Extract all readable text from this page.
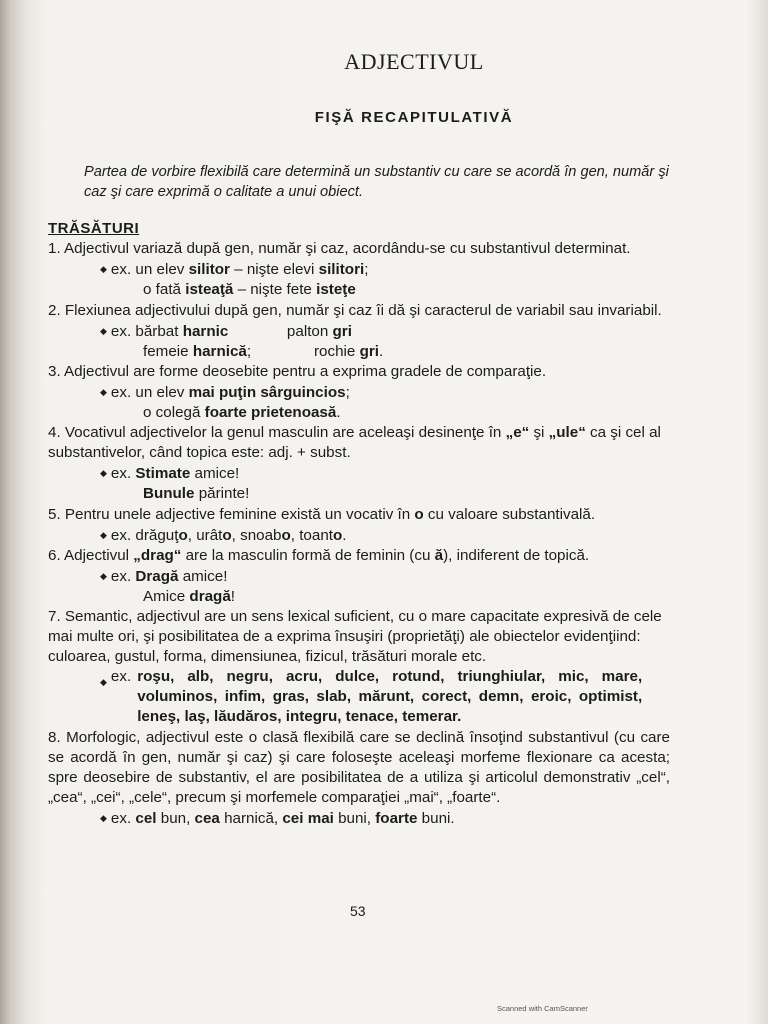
ADJECTIVUL
FIŞĂ RECAPITULATIVĂ

Partea de vorbire flexibilă care determină un substantiv cu care se acordă în gen, număr şi caz şi care exprimă o calitate a unui obiect.

TRĂSĂTURI

1. Adjectivul variază după gen, număr şi caz, acordându-se cu substantivul determinat.

◆ ex. un elev silitor – nişte elevi silitori;

o fată isteaţă – nişte fete isteţe

2. Flexiunea adjectivului după gen, număr şi caz îi dă şi caracterul de variabil sau invariabil.

◆ ex. bărbat harnic	palton gri

femeie harnică;	rochie gri.

3. Adjectivul are forme deosebite pentru a exprima gradele de comparaţie.

◆ ex. un elev mai puţin sârguincios;

o colegă foarte prietenoasă.

4. Vocativul adjectivelor la genul masculin are aceleaşi desinenţe în „e“ şi „ule“ ca şi cel al substantivelor, când topica este: adj. + subst.

◆ ex. Stimate amice!

Bunule părinte!

5. Pentru unele adjective feminine există un vocativ în o cu valoare substantivală.

◆ ex. drăguţo, urâto, snoabo, toanto.

6. Adjectivul „drag“ are la masculin formă de feminin (cu ă), indiferent de topică.

◆ ex. Dragă amice!

Amice dragă!

7. Semantic, adjectivul are un sens lexical suficient, cu o mare capacitate expresivă de cele mai multe ori, şi posibilitatea de a exprima însuşiri (proprietăţi) ale obiectelor evidenţiind: culoarea, gustul, forma, dimensiunea, fizicul, trăsături morale etc.

◆ ex. roşu, alb, negru, acru, dulce, rotund, triunghiular, mic, mare, voluminos, infim, gras, slab, mărunt, corect, demn, eroic, optimist, leneş, laş, lăudăros, integru, tenace, temerar.

8. Morfologic, adjectivul este o clasă flexibilă care se declină însoţind substantivul (cu care se acordă în gen, număr şi caz) şi care foloseşte aceleaşi morfeme flexionare ca acesta; spre deosebire de substantiv, el are posibilitatea de a utiliza şi articolul demonstrativ „cel“, „cea“, „cei“, „cele“, precum şi morfemele comparaţiei „mai“, „foarte“.

◆ ex. cel bun, cea harnică, cei mai buni, foarte buni.

53
Scanned with CamScanner
